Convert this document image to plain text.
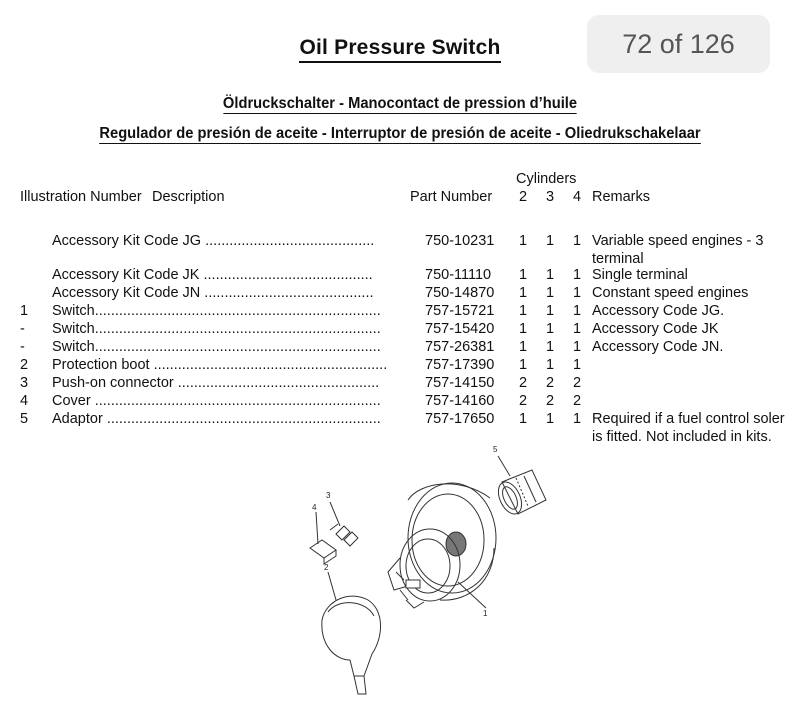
72 of 126
Oil Pressure Switch
Öldruckschalter - Manocontact de pression d’huile
Regulador de presión de aceite - Interruptor de presión de aceite - Oliedrukschakelaar
Cylinders
Illustration Number Description	Part Number 2 3 4 Remarks
Accessory Kit Code JG ..........................................	750-10231 1 1 1 Variable speed engines - 3
terminal
Accessory Kit Code JK ..........................................	750-11110 1 1 1 Single terminal
Accessory Kit Code JN ..........................................	750-14870 1 1 1 Constant speed engines
1 Switch.......................................................................	757-15721 1 1 1 Accessory Code JG.
- Switch.......................................................................	757-15420 1 1 1 Accessory Code JK
- Switch.......................................................................	757-26381 1 1 1 Accessory Code JN.
2 Protection boot ..........................................................	757-17390 1 1 1
3 Push-on connector ..................................................	757-14150 2 2 2
4 Cover .......................................................................	757-14160 2 2 2
5 Adaptor ....................................................................	757-17650 1 1 1 Required if a fuel control soler
is fitted. Not included in kits.
5
3
4
2
1
